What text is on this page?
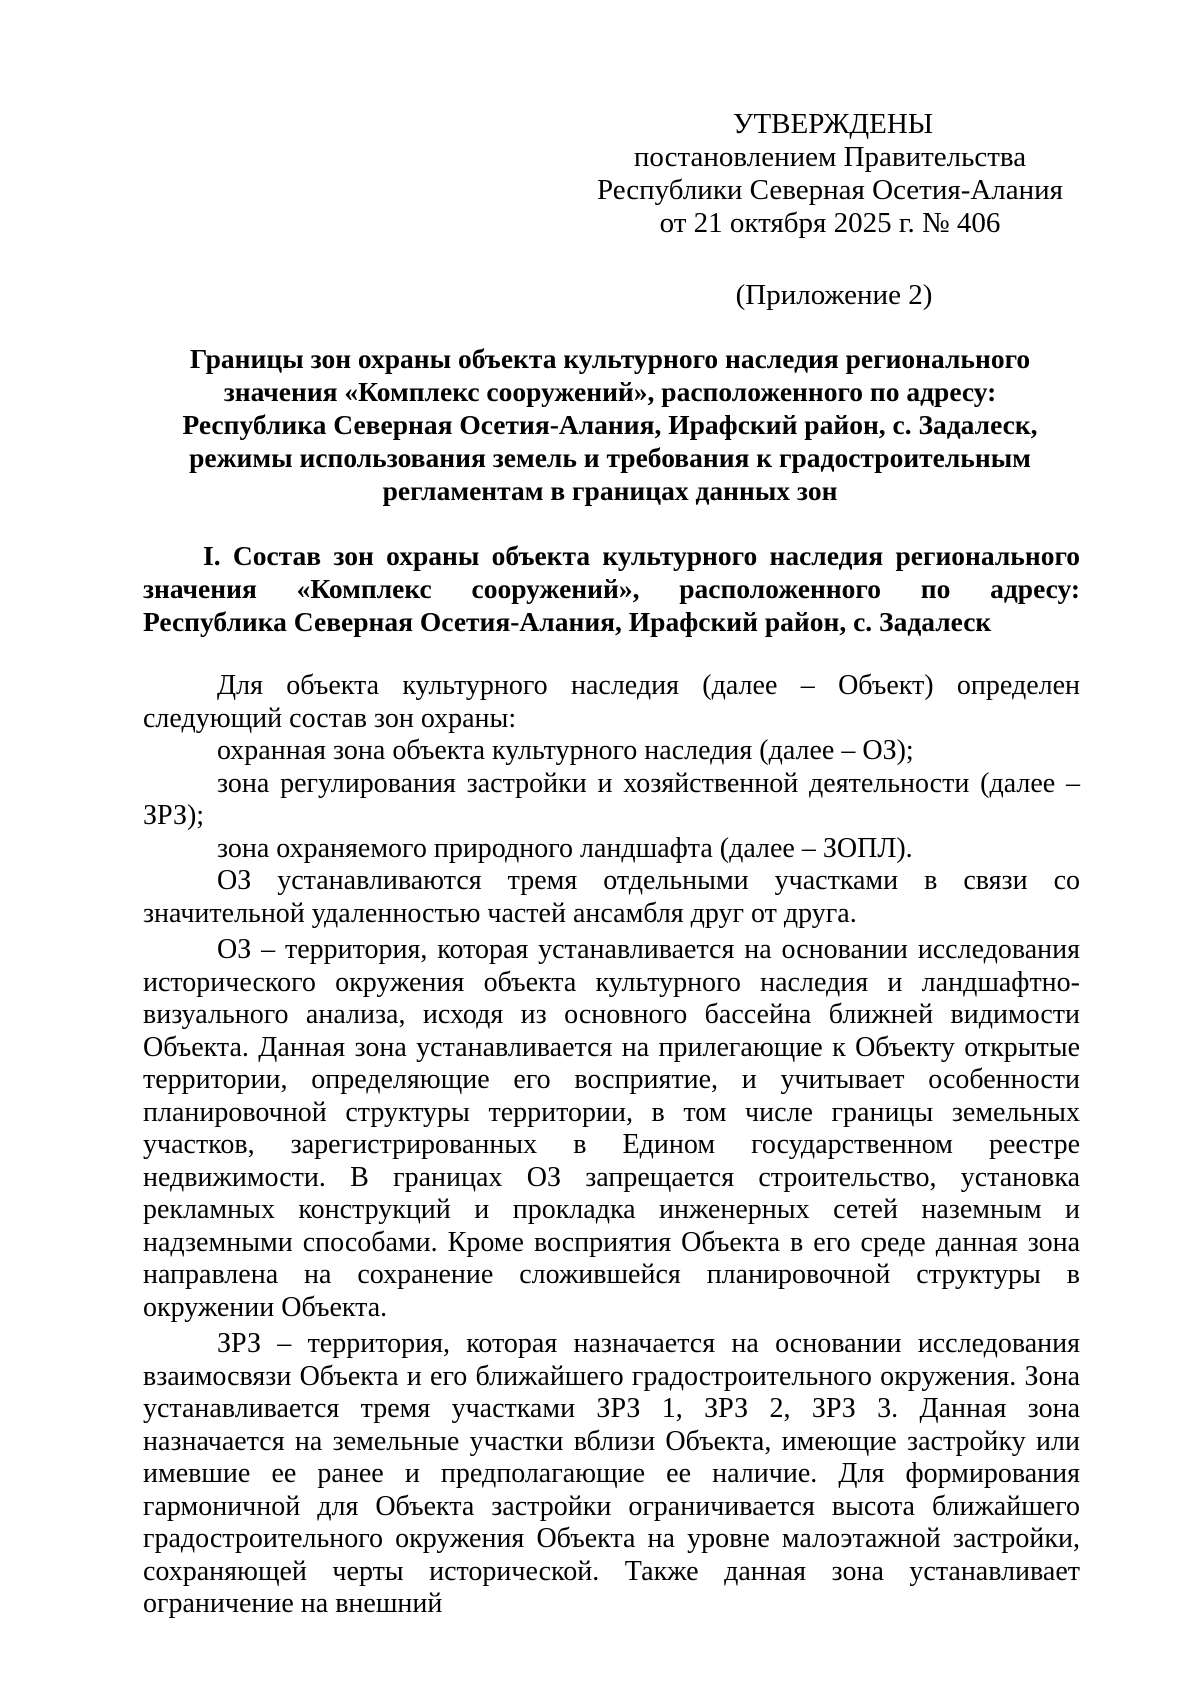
УТВЕРЖДЕНЫ
постановлением Правительства
Республики Северная Осетия-Алания
от 21 октября 2025 г. № 406
(Приложение 2)
Границы зон охраны объекта культурного наследия регионального
значения «Комплекс сооружений», расположенного по адресу:
Республика Северная Осетия-Алания, Ирафский район, с. Задалеск,
режимы использования земель и требования к градостроительным
регламентам в границах данных зон
I. Состав зон охраны объекта культурного наследия регионального
значения «Комплекс сооружений», расположенного по адресу:
Республика Северная Осетия-Алания, Ирафский район, с. Задалеск

Для объекта культурного наследия (далее – Объект) определен следующий состав зон охраны:

охранная зона объекта культурного наследия (далее – ОЗ);

зона регулирования застройки и хозяйственной деятельности (далее – ЗРЗ);

зона охраняемого природного ландшафта (далее – ЗОПЛ).

ОЗ устанавливаются тремя отдельными участками в связи со значительной удаленностью частей ансамбля друг от друга.

ОЗ – территория, которая устанавливается на основании исследования исторического окружения объекта культурного наследия и ландшафтно-визуального анализа, исходя из основного бассейна ближней видимости Объекта. Данная зона устанавливается на прилегающие к Объекту открытые территории, определяющие его восприятие, и учитывает особенности планировочной структуры территории, в том числе границы земельных участков, зарегистрированных в Едином государственном реестре недвижимости. В границах ОЗ запрещается строительство, установка рекламных конструкций и прокладка инженерных сетей наземным и надземными способами. Кроме восприятия Объекта в его среде данная зона направлена на сохранение сложившейся планировочной структуры в окружении Объекта.

ЗРЗ – территория, которая назначается на основании исследования взаимосвязи Объекта и его ближайшего градостроительного окружения. Зона устанавливается тремя участками ЗРЗ 1, ЗРЗ 2, ЗРЗ 3. Данная зона назначается на земельные участки вблизи Объекта, имеющие застройку или имевшие ее ранее и предполагающие ее наличие. Для формирования гармоничной для Объекта застройки ограничивается высота ближайшего градостроительного окружения Объекта на уровне малоэтажной застройки, сохраняющей черты исторической. Также данная зона устанавливает ограничение на внешний
